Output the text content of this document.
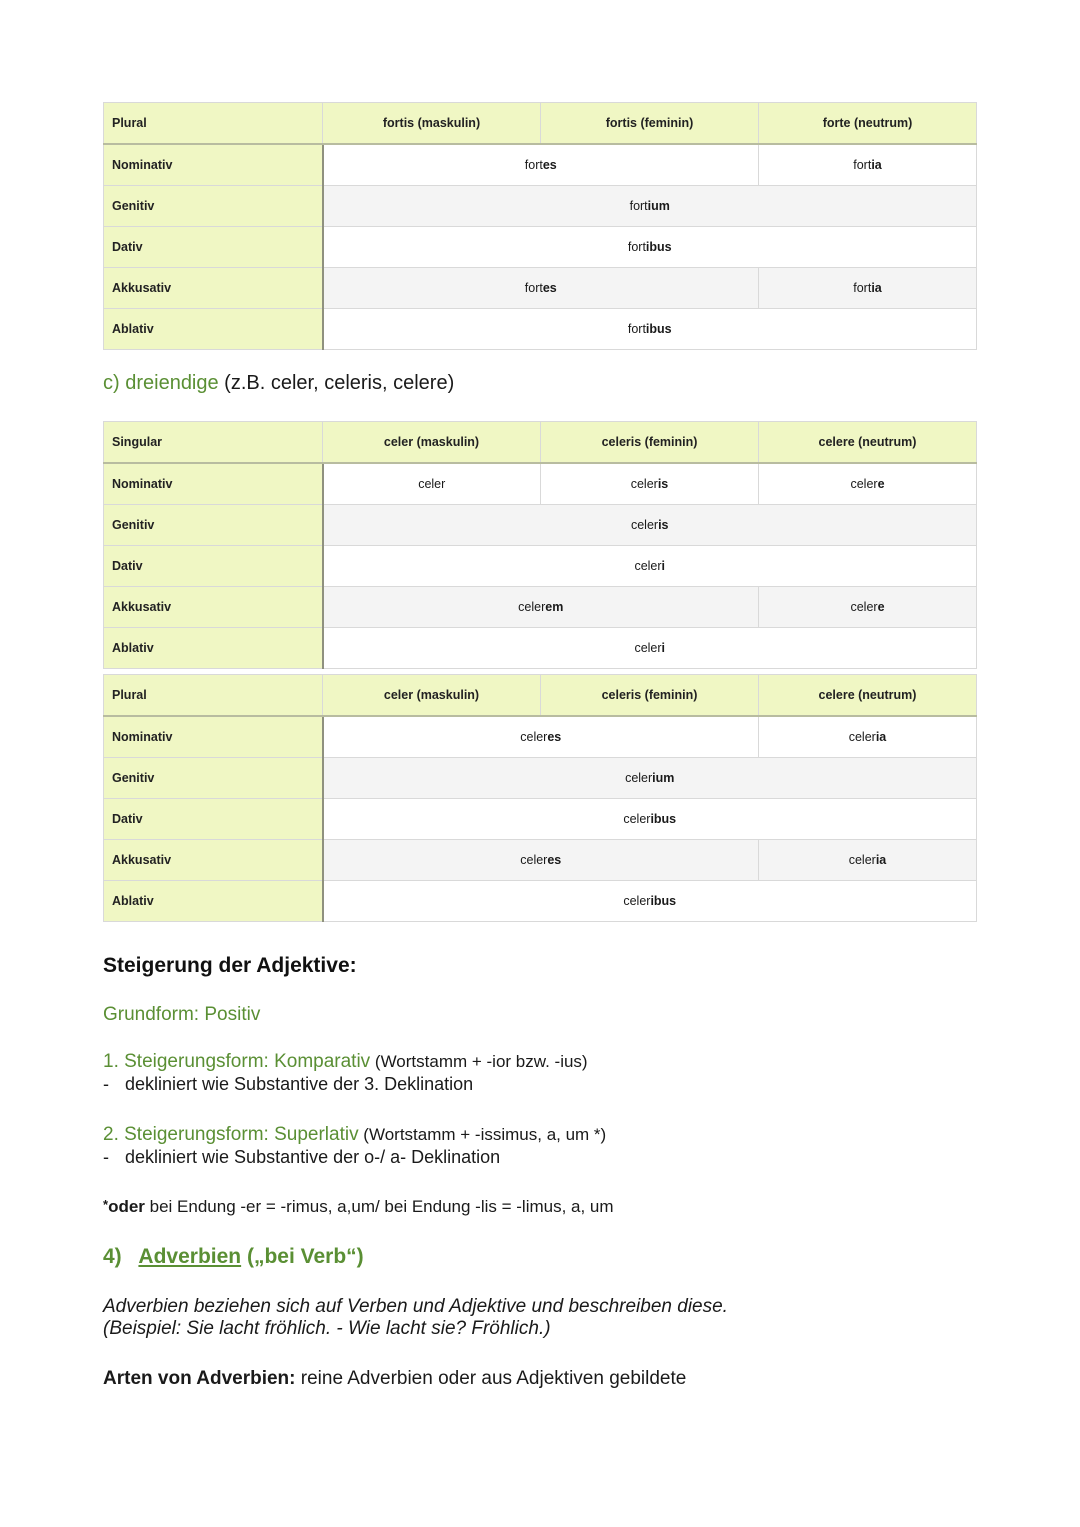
Plural	fortis (maskulin)	fortis (feminin)	forte (neutrum)
Nominativ	fortes		fortia
Genitiv	fortium		
Dativ	fortibus		
Akkusativ	fortes		fortia
Ablativ	fortibus		

c) dreiendige (z.B. celer, celeris, celere)

Singular	celer (maskulin)	celeris (feminin)	celere (neutrum)
Nominativ	celer	celeris	celere
Genitiv	celeris		
Dativ	celeri		
Akkusativ	celerem		celere
Ablativ	celeri		
Plural	celer (maskulin)	celeris (feminin)	celere (neutrum)
Nominativ	celeres		celeria
Genitiv	celerium		
Dativ	celeribus		
Akkusativ	celeres		celeria
Ablativ	celeribus		

Steigerung der Adjektive:

Grundform: Positiv

1. Steigerungsform: Komparativ (Wortstamm + -ior bzw. -ius)

- dekliniert wie Substantive der 3. Deklination

2. Steigerungsform: Superlativ (Wortstamm + -issimus, a, um *)

- dekliniert wie Substantive der o-/ a- Deklination

*oder bei Endung -er = -rimus, a,um/ bei Endung -lis = -limus, a, um

4) Adverbien („bei Verb“)

Adverbien beziehen sich auf Verben und Adjektive und beschreiben diese.

(Beispiel: Sie lacht fröhlich. - Wie lacht sie? Fröhlich.)

Arten von Adverbien: reine Adverbien oder aus Adjektiven gebildete
